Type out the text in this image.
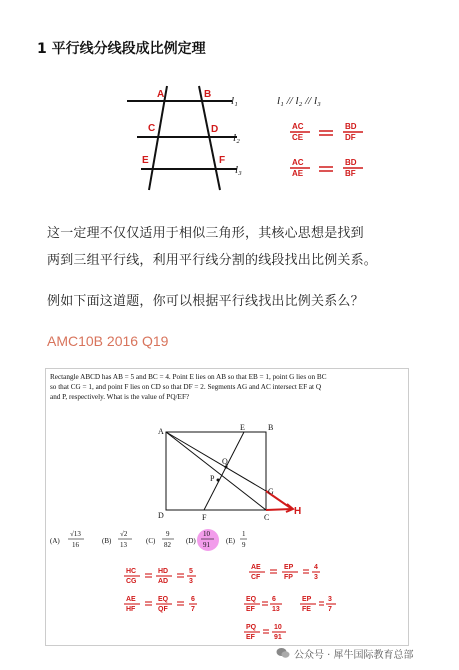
1 平行线分线段成比例定理
A	B
C	D
E	F
l₁
l₂
l₃
l₁ // l₂ // l₃
AC
CE
BD
DF
AC
AE
BD
BF
这一定理不仅仅适用于相似三角形，其核心思想是找到
两到三组平行线，利用平行线分割的线段找出比例关系。
例如下面这道题，你可以根据平行线找出比例关系么？
AMC10B 2016 Q19
Rectangle ABCD has AB = 5 and BC = 4. Point E lies on AB so that EB = 1, point G lies on BC
so that CG = 1, and point F lies on CD so that DF = 2. Segments AG and AC intersect EF at Q
and P, respectively. What is the value of PQ/EF?
A	E	B
Q
P
G
D	F	C
H
(A)
√13
16	(B)
√2
13	(C)
9
82 (D)
10
91 (E)
1
9
HC
CG
HD
AD
5
3
AE
CF
EP
FP
4
3
AE
HF
EQ
QF
6
7
EQ
EF
6
13
EP
FE
3
7
PQ
EF
10
91
公众号 · 犀牛国际教育总部
